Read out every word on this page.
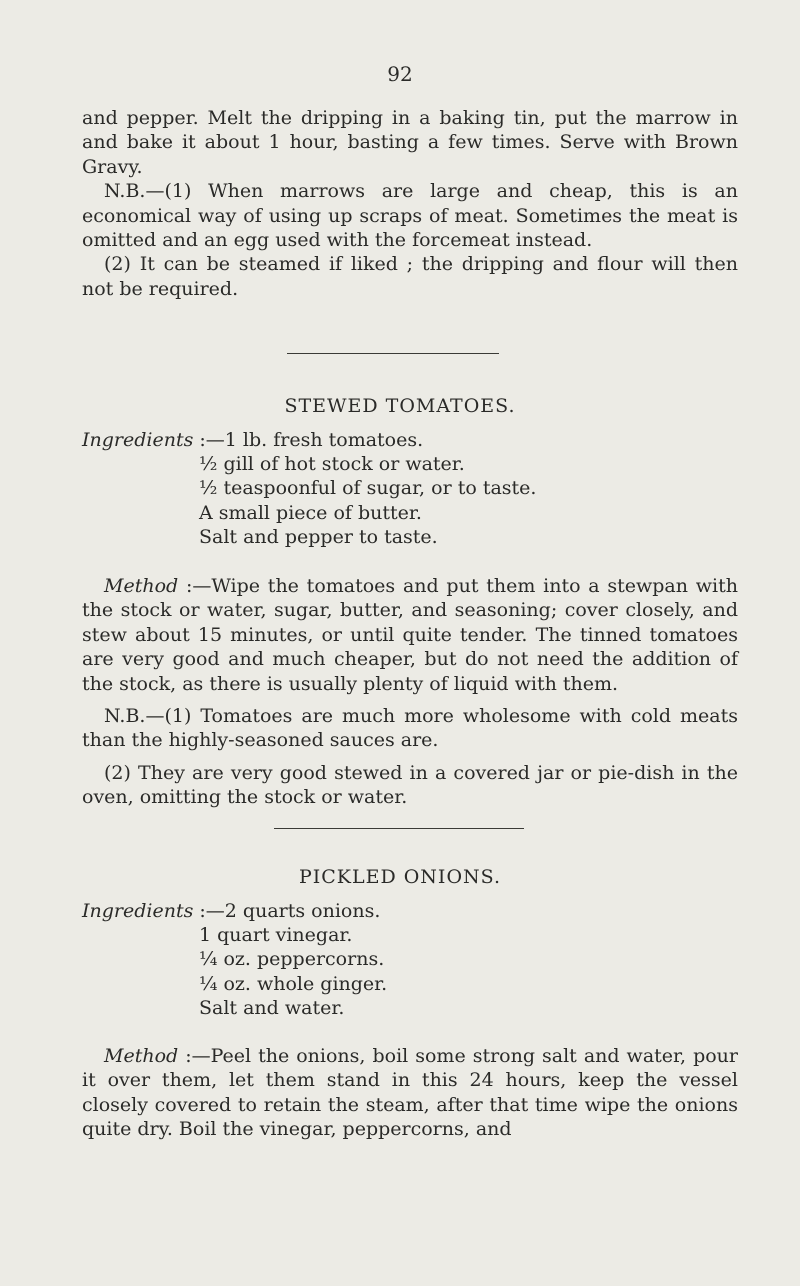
92

and pepper. Melt the dripping in a baking tin, put the marrow in and bake it about 1 hour, basting a few times. Serve with Brown Gravy.

N.B.—(1) When marrows are large and cheap, this is an economical way of using up scraps of meat. Sometimes the meat is omitted and an egg used with the forcemeat instead.

(2) It can be steamed if liked ; the dripping and flour will then not be required.

STEWED TOMATOES.
Ingredients :—1 lb. fresh tomatoes.
½ gill of hot stock or water.
½ teaspoonful of sugar, or to taste.
A small piece of butter.
Salt and pepper to taste.

Method :—Wipe the tomatoes and put them into a stewpan with the stock or water, sugar, butter, and seasoning; cover closely, and stew about 15 minutes, or until quite tender. The tinned tomatoes are very good and much cheaper, but do not need the addition of the stock, as there is usually plenty of liquid with them.

N.B.—(1) Tomatoes are much more wholesome with cold meats than the highly-seasoned sauces are.

(2) They are very good stewed in a covered jar or pie-dish in the oven, omitting the stock or water.

PICKLED ONIONS.
Ingredients :—2 quarts onions.
1 quart vinegar.
¼ oz. peppercorns.
¼ oz. whole ginger.
Salt and water.

Method :—Peel the onions, boil some strong salt and water, pour it over them, let them stand in this 24 hours, keep the vessel closely covered to retain the steam, after that time wipe the onions quite dry. Boil the vinegar, peppercorns, and
